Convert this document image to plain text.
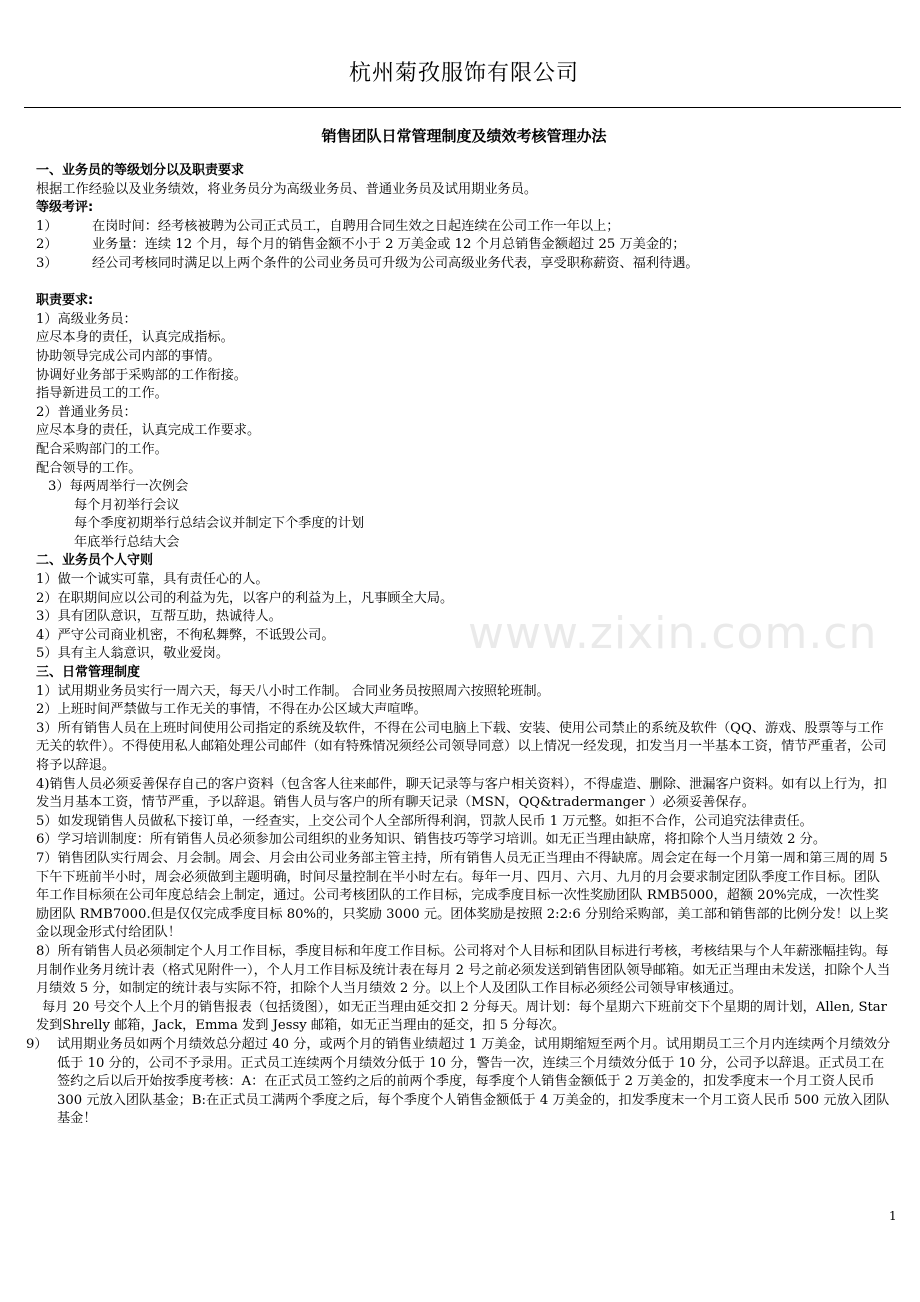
杭州菊孜服饰有限公司
销售团队日常管理制度及绩效考核管理办法
www.zixin.com.cn

一、业务员的等级划分以及职责要求

根据工作经验以及业务绩效，将业务员分为高级业务员、普通业务员及试用期业务员。

等级考评:

1）	在岗时间：经考核被聘为公司正式员工，自聘用合同生效之日起连续在公司工作一年以上；
2）	业务量：连续 12 个月，每个月的销售金额不小于 2 万美金或 12 个月总销售金额超过 25 万美金的；
3）	经公司考核同时满足以上两个条件的公司业务员可升级为公司高级业务代表，享受职称薪资、福利待遇。

职责要求:

1）高级业务员：

应尽本身的责任，认真完成指标。

协助领导完成公司内部的事情。

协调好业务部于采购部的工作衔接。

指导新进员工的工作。

2）普通业务员：

应尽本身的责任，认真完成工作要求。

配合采购部门的工作。

配合领导的工作。

3）每两周举行一次例会

每个月初举行会议

每个季度初期举行总结会议并制定下个季度的计划

年底举行总结大会

二、业务员个人守则

1）做一个诚实可靠，具有责任心的人。

2）在职期间应以公司的利益为先，以客户的利益为上，凡事顾全大局。

3）具有团队意识，互帮互助，热诚待人。

4）严守公司商业机密，不徇私舞弊，不诋毁公司。

5）具有主人翁意识，敬业爱岗。

三、日常管理制度

1）试用期业务员实行一周六天，每天八小时工作制。 合同业务员按照周六按照轮班制。

2）上班时间严禁做与工作无关的事情，不得在办公区域大声喧哗。

3）所有销售人员在上班时间使用公司指定的系统及软件，不得在公司电脑上下载、安装、使用公司禁止的系统及软件（QQ、游戏、股票等与工作无关的软件）。不得使用私人邮箱处理公司邮件（如有特殊情况须经公司领导同意）以上情况一经发现，扣发当月一半基本工资，情节严重者，公司将予以辞退。

4)销售人员必须妥善保存自己的客户资料（包含客人往来邮件，聊天记录等与客户相关资料），不得虚造、删除、泄漏客户资料。如有以上行为，扣发当月基本工资，情节严重，予以辞退。销售人员与客户的所有聊天记录（MSN，QQ&tradermanger ）必须妥善保存。

5）如发现销售人员做私下接订单，一经查实，上交公司个人全部所得利润，罚款人民币 1 万元整。如拒不合作，公司追究法律责任。

6）学习培训制度：所有销售人员必须参加公司组织的业务知识、销售技巧等学习培训。如无正当理由缺席，将扣除个人当月绩效 2 分。

7）销售团队实行周会、月会制。周会、月会由公司业务部主管主持，所有销售人员无正当理由不得缺席。周会定在每一个月第一周和第三周的周 5 下午下班前半小时，周会必须做到主题明确，时间尽量控制在半小时左右。每年一月、四月、六月、九月的月会要求制定团队季度工作目标。团队年工作目标须在公司年度总结会上制定，通过。公司考核团队的工作目标，完成季度目标一次性奖励团队 RMB5000，超额 20%完成，一次性奖励团队 RMB7000.但是仅仅完成季度目标 80%的，只奖励 3000 元。团体奖励是按照 2:2:6 分别给采购部，美工部和销售部的比例分发！以上奖金以现金形式付给团队！

8）所有销售人员必须制定个人月工作目标，季度目标和年度工作目标。公司将对个人目标和团队目标进行考核，考核结果与个人年薪涨幅挂钩。每月制作业务月统计表（格式见附件一），个人月工作目标及统计表在每月 2 号之前必须发送到销售团队领导邮箱。如无正当理由未发送，扣除个人当月绩效 5 分，如制定的统计表与实际不符，扣除个人当月绩效 2 分。以上个人及团队工作目标必须经公司领导审核通过。

每月 20 号交个人上个月的销售报表（包括烫图），如无正当理由延交扣 2 分每天。周计划：每个星期六下班前交下个星期的周计划，Allen, Star 发到Shrelly 邮箱，Jack，Emma 发到 Jessy 邮箱，如无正当理由的延交，扣 5 分每次。

9） 试用期业务员如两个月绩效总分超过 40 分，或两个月的销售业绩超过 1 万美金，试用期缩短至两个月。试用期员工三个月内连续两个月绩效分低于 10 分的，公司不予录用。正式员工连续两个月绩效分低于 10 分，警告一次，连续三个月绩效分低于 10 分，公司予以辞退。正式员工在签约之后以后开始按季度考核：A：在正式员工签约之后的前两个季度，每季度个人销售金额低于 2 万美金的，扣发季度末一个月工资人民币 300 元放入团队基金；B:在正式员工满两个季度之后，每个季度个人销售金额低于 4 万美金的，扣发季度末一个月工资人民币 500 元放入团队基金！
1
